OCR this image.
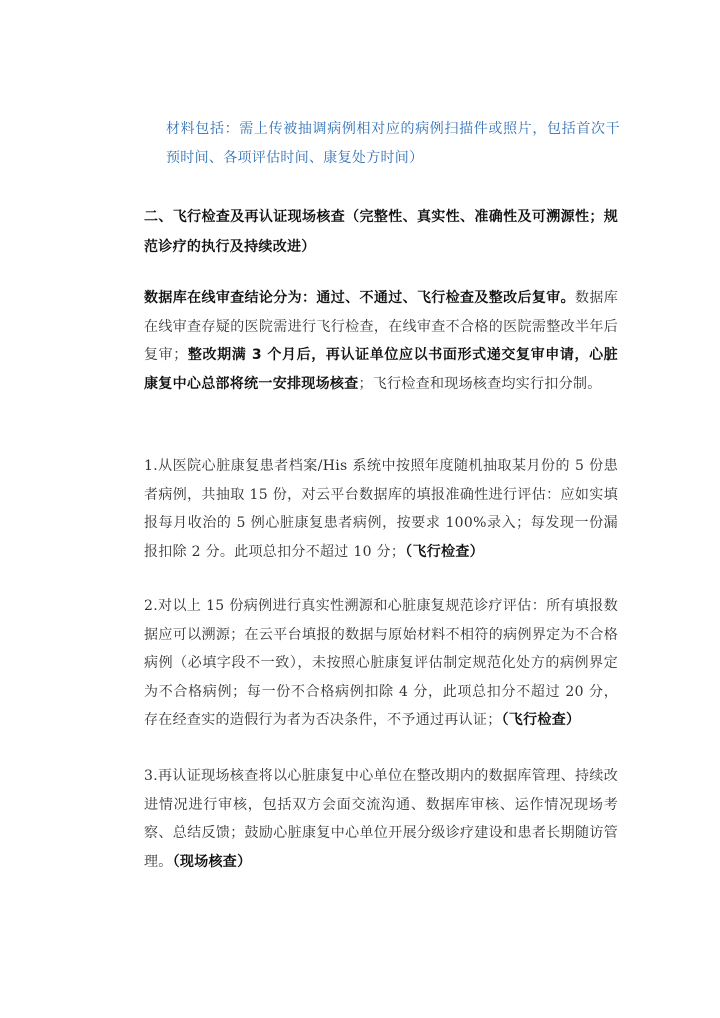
材料包括：需上传被抽调病例相对应的病例扫描件或照片，包括首次干预时间、各项评估时间、康复处方时间）

二、飞行检查及再认证现场核查（完整性、真实性、准确性及可溯源性；规范诊疗的执行及持续改进）

数据库在线审查结论分为：通过、不通过、飞行检查及整改后复审。数据库在线审查存疑的医院需进行飞行检查，在线审查不合格的医院需整改半年后复审；整改期满 3 个月后，再认证单位应以书面形式递交复审申请，心脏康复中心总部将统一安排现场核查；飞行检查和现场核查均实行扣分制。

1.从医院心脏康复患者档案/His 系统中按照年度随机抽取某月份的 5 份患者病例，共抽取 15 份，对云平台数据库的填报准确性进行评估：应如实填报每月收治的 5 例心脏康复患者病例，按要求 100%录入；每发现一份漏报扣除 2 分。此项总扣分不超过 10 分；（飞行检查）

2.对以上 15 份病例进行真实性溯源和心脏康复规范诊疗评估：所有填报数据应可以溯源；在云平台填报的数据与原始材料不相符的病例界定为不合格病例（必填字段不一致），未按照心脏康复评估制定规范化处方的病例界定为不合格病例；每一份不合格病例扣除 4 分，此项总扣分不超过 20 分，存在经查实的造假行为者为否决条件，不予通过再认证；（飞行检查）

3.再认证现场核查将以心脏康复中心单位在整改期内的数据库管理、持续改进情况进行审核，包括双方会面交流沟通、数据库审核、运作情况现场考察、总结反馈；鼓励心脏康复中心单位开展分级诊疗建设和患者长期随访管理。（现场核查）
